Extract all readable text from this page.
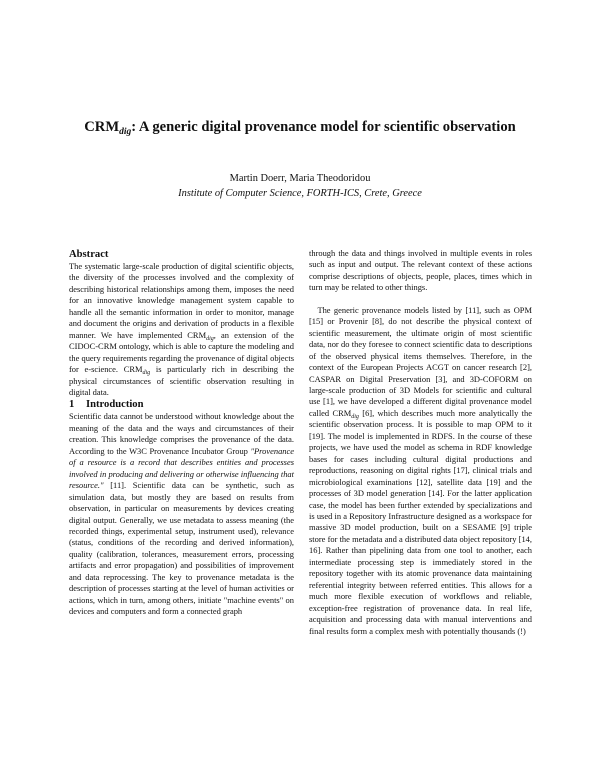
$CRM_{dig}$: A generic digital provenance model for scientific observation
Martin Doerr, Maria Theodoridou
Institute of Computer Science, FORTH-ICS, Crete, Greece

Abstract

The systematic large-scale production of digital scientific objects, the diversity of the processes involved and the complexity of describing historical relationships among them, imposes the need for an innovative knowledge management system capable to handle all the semantic information in order to monitor, manage and document the origins and derivation of products in a flexible manner. We have implemented $CRM_{dig}$, an extension of the CIDOC-CRM ontology, which is able to capture the modeling and the query requirements regarding the provenance of digital objects for e-science. $CRM_{dig}$ is particularly rich in describing the physical circumstances of scientific observation resulting in digital data.

1 Introduction

Scientific data cannot be understood without knowledge about the meaning of the data and the ways and circumstances of their creation. This knowledge comprises the provenance of the data. According to the W3C Provenance Incubator Group "Provenance of a resource is a record that describes entities and processes involved in producing and delivering or otherwise influencing that resource." [11]. Scientific data can be synthetic, such as simulation data, but mostly they are based on results from observation, in particular on measurements by devices creating digital output. Generally, we use metadata to assess meaning (the recorded things, experimental setup, instrument used), relevance (status, conditions of the recording and derived information), quality (calibration, tolerances, measurement errors, processing artifacts and error propagation) and possibilities of improvement and data reprocessing. The key to provenance metadata is the description of processes starting at the level of human activities or actions, which in turn, among others, initiate "machine events" on devices and computers and form a connected graph

through the data and things involved in multiple events in roles such as input and output. The relevant context of these actions comprise descriptions of objects, people, places, times which in turn may be related to other things.

 The generic provenance models listed by [11], such as OPM [15] or Provenir [8], do not describe the physical context of scientific measurement, the ultimate origin of most scientific data, nor do they foresee to connect scientific data to descriptions of the observed physical items themselves. Therefore, in the context of the European Projects ACGT on cancer research [2], CASPAR on Digital Preservation [3], and 3D-COFORM on large-scale production of 3D Models for scientific and cultural use [1], we have developed a different digital provenance model called $CRM_{dig}$ [6], which describes much more analytically the scientific observation process. It is possible to map OPM to it [19]. The model is implemented in RDFS. In the course of these projects, we have used the model as schema in RDF knowledge bases for cases including cultural digital productions and reproductions, reasoning on digital rights [17], clinical trials and microbiological examinations [12], satellite data [19] and the processes of 3D model generation [14]. For the latter application case, the model has been further extended by specializations and is used in a Repository Infrastructure designed as a workspace for massive 3D model production, built on a SESAME [9] triple store for the metadata and a distributed data object repository [14, 16]. Rather than pipelining data from one tool to another, each intermediate processing step is immediately stored in the repository together with its atomic provenance data maintaining referential integrity between referred entities. This allows for a much more flexible execution of workflows and reliable, exception-free registration of provenance data. In real life, acquisition and processing data with manual interventions and final results form a complex mesh with potentially thousands (!)
